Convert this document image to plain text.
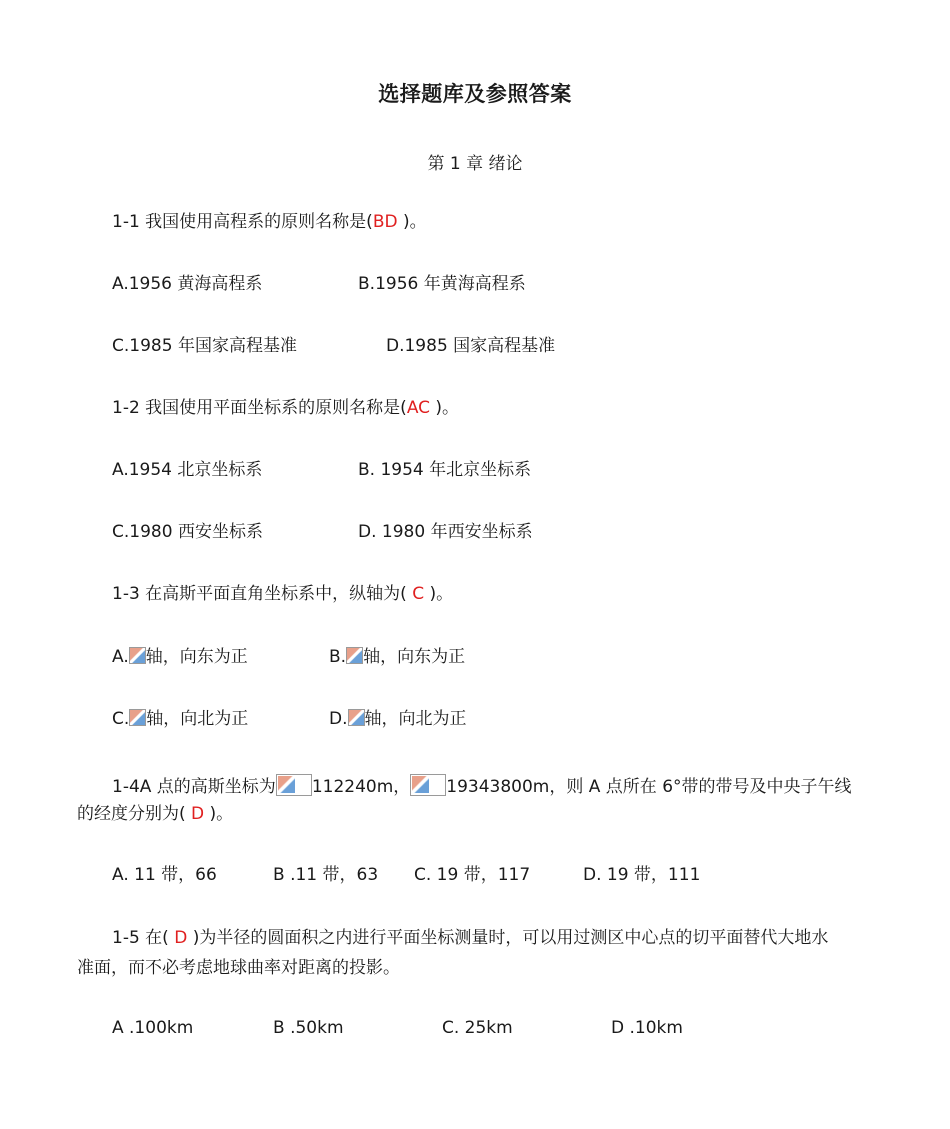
选择题库及参照答案
第 1 章 绪论
1-1 我国使用高程系的原则名称是(BD )。
A.1956 黄海高程系	B.1956 年黄海高程系
C.1985 年国家高程基准	D.1985 国家高程基准
1-2 我国使用平面坐标系的原则名称是(AC )。
A.1954 北京坐标系	B. 1954 年北京坐标系
C.1980 西安坐标系	D. 1980 年西安坐标系
1-3 在高斯平面直角坐标系中，纵轴为( C )。
A. 轴，向东为正	B. 轴，向东为正
C. 轴，向北为正	D. 轴，向北为正
1-4A 点的高斯坐标为 112240m， 19343800m，则 A 点所在 6°带的带号及中央子午线
的经度分别为( D )。
A. 11 带，66	B .11 带，63 C. 19 带，117	D. 19 带，111
1-5 在( D )为半径的圆面积之内进行平面坐标测量时，可以用过测区中心点的切平面替代大地水
准面，而不必考虑地球曲率对距离的投影。
A .100km	B .50km	C. 25km	D .10km
